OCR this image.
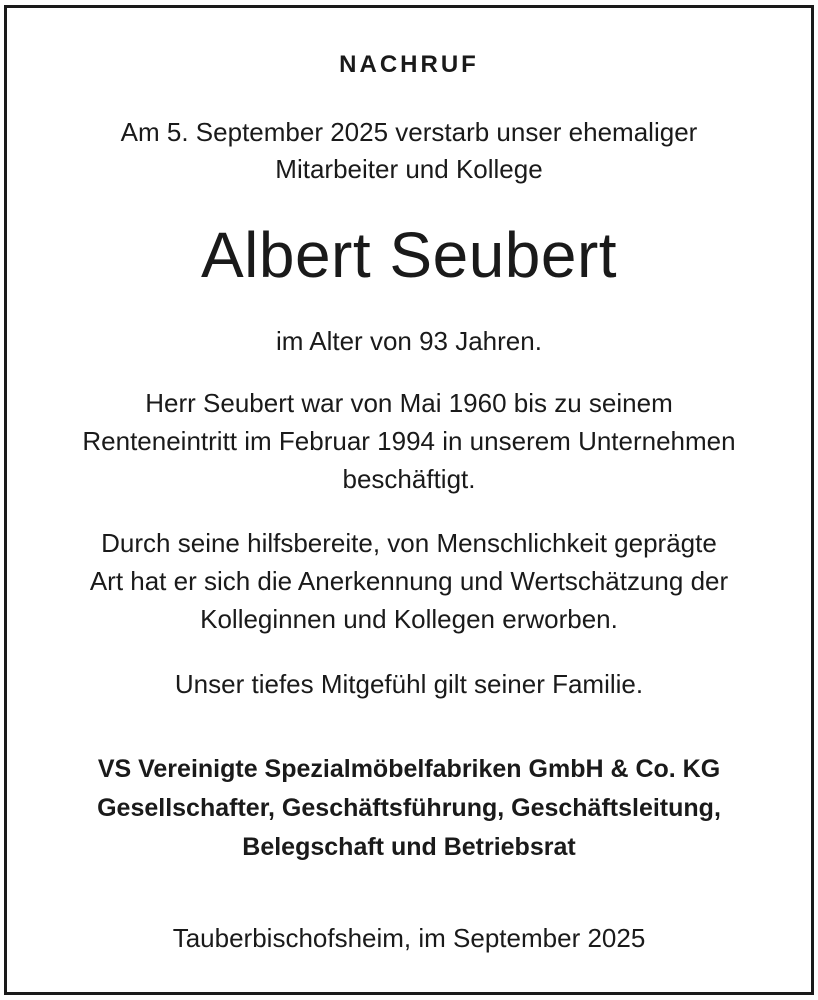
NACHRUF
Am 5. September 2025 verstarb unser ehemaliger
Mitarbeiter und Kollege
Albert Seubert
im Alter von 93 Jahren.
Herr Seubert war von Mai 1960 bis zu seinem
Renteneintritt im Februar 1994 in unserem Unternehmen
beschäftigt.
Durch seine hilfsbereite, von Menschlichkeit geprägte
Art hat er sich die Anerkennung und Wertschätzung der
Kolleginnen und Kollegen erworben.
Unser tiefes Mitgefühl gilt seiner Familie.
VS Vereinigte Spezialmöbelfabriken GmbH & Co. KG
Gesellschafter, Geschäftsführung, Geschäftsleitung,
Belegschaft und Betriebsrat
Tauberbischofsheim, im September 2025
